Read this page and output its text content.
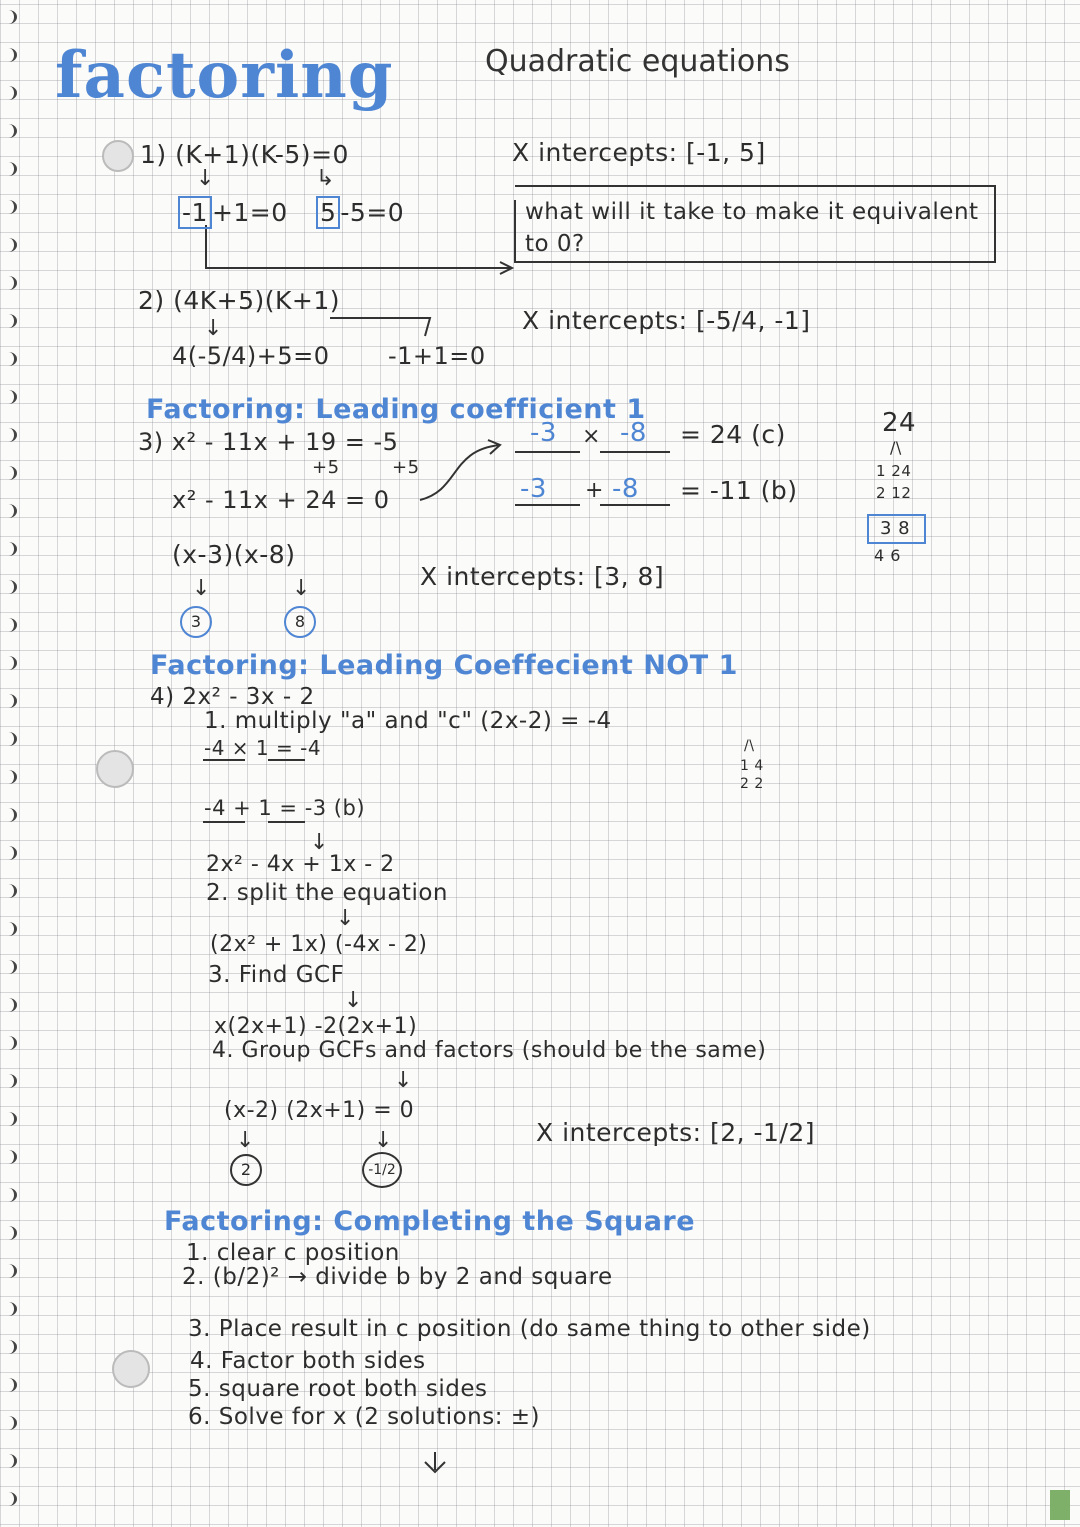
factoring	Quadratic equations
1) (K+1)(K-5)=0	X intercepts: [-1, 5]
↓	↳
-1 +1=0 5 -5=0	what will it take to make it equivalent to 0?
2) (4K+5)(K+1)
X intercepts: [-5/4, -1]
↓
4(-5/4)+5=0 -1+1=0
Factoring: Leading coefficient 1
3) x² - 11x + 19 = -5
+5	+5
x² - 11x + 24 = 0
-3 × -8 = 24 (c)
-3 + -8 = -11 (b)
24
/\
1 24
2 12
3 8
4 6
(x-3)(x-8)
↓	↓
3	8
X intercepts: [3, 8]
Factoring: Leading Coeffecient NOT 1
4) 2x² - 3x - 2
1. multiply "a" and "c" (2x-2) = -4
-4 × 1 = -4	/\
1 4
2 2
-4 + 1 = -3 (b)
↓
2x² - 4x + 1x - 2
2. split the equation
↓
(2x² + 1x) (-4x - 2)
3. Find GCF
↓
x(2x+1) -2(2x+1)
4. Group GCFs and factors (should be the same)
↓
(x-2) (2x+1) = 0
↓	↓
2	-1/2
X intercepts: [2, -1/2]
Factoring: Completing the Square
1. clear c position
2. (b/2)² → divide b by 2 and square
3. Place result in c position (do same thing to other side)
4. Factor both sides
5. square root both sides
6. Solve for x (2 solutions: ±)
